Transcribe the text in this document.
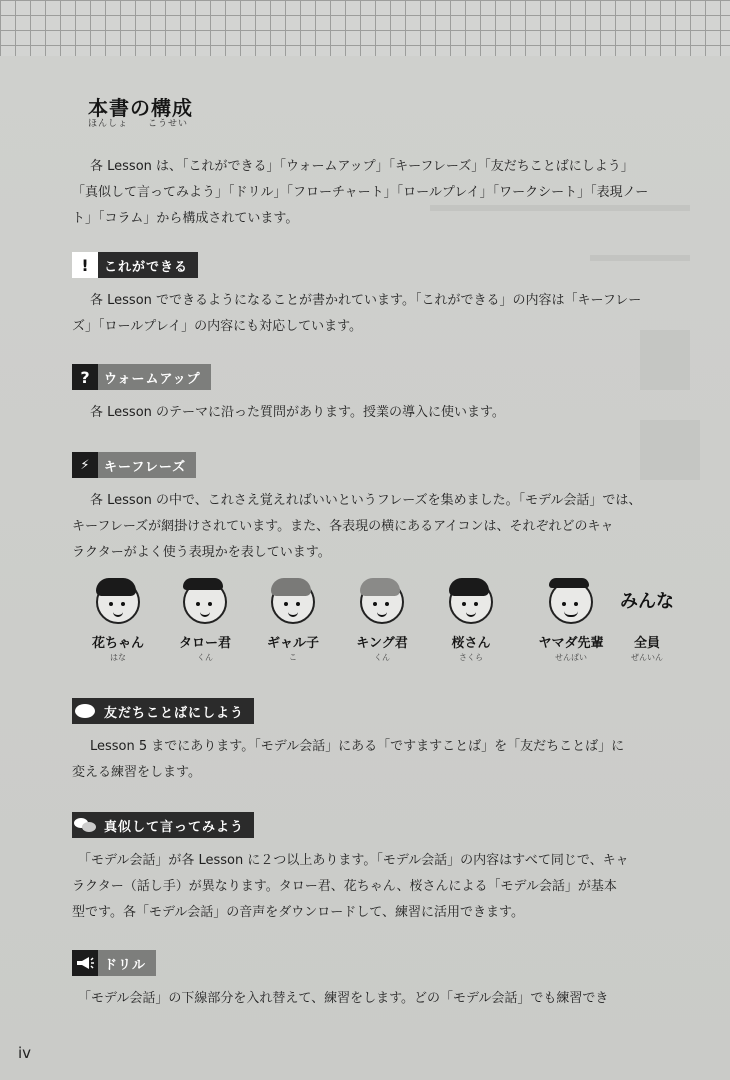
本書の構成
ほんしょ　　こうせい
各 Lesson は、「これができる」「ウォームアップ」「キーフレーズ」「友だちことばにしよう」
「真似して言ってみよう」「ドリル」「フローチャート」「ロールプレイ」「ワークシート」「表現ノー
ト」「コラム」から構成されています。
!	これができる
各 Lesson でできるようになることが書かれています。「これができる」の内容は「キーフレー
ズ」「ロールプレイ」の内容にも対応しています。
?	ウォームアップ
各 Lesson のテーマに沿った質問があります。授業の導入に使います。
⚡	キーフレーズ
各 Lesson の中で、これさえ覚えればいいというフレーズを集めました。「モデル会話」では、
キーフレーズが網掛けされています。また、各表現の横にあるアイコンは、それぞれどのキャ
ラクターがよく使う表現かを表しています。
花ちゃん
はな
タロー君
くん
ギャル子
こ
キング君
くん
桜さん
さくら
ヤマダ先輩
せんぱい
みんな
全員
ぜんいん
友だちことばにしよう
Lesson 5 までにあります。「モデル会話」にある「ですますことば」を「友だちことば」に
変える練習をします。
真似して言ってみよう
「モデル会話」が各 Lesson に２つ以上あります。「モデル会話」の内容はすべて同じで、キャ
ラクター（話し手）が異なります。タロー君、花ちゃん、桜さんによる「モデル会話」が基本
型です。各「モデル会話」の音声をダウンロードして、練習に活用できます。
ドリル
「モデル会話」の下線部分を入れ替えて、練習をします。どの「モデル会話」でも練習でき
iv
